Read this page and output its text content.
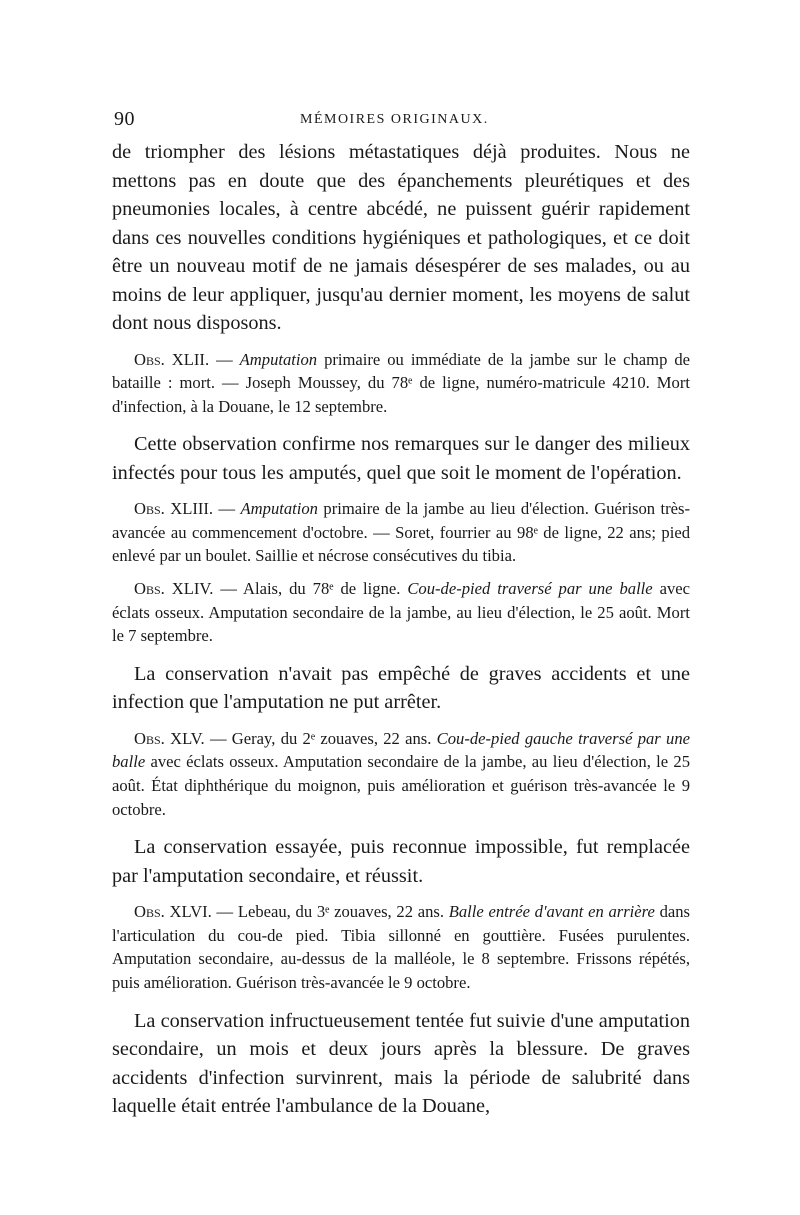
90	MÉMOIRES ORIGINAUX.

de triompher des lésions métastatiques déjà produites. Nous ne mettons pas en doute que des épanchements pleurétiques et des pneumonies locales, à centre abcédé, ne puissent guérir rapidement dans ces nouvelles conditions hygiéniques et pathologiques, et ce doit être un nouveau motif de ne jamais désespérer de ses malades, ou au moins de leur appliquer, jusqu'au dernier moment, les moyens de salut dont nous disposons.

Obs. XLII. — Amputation primaire ou immédiate de la jambe sur le champ de bataille : mort. — Joseph Moussey, du 78ᵉ de ligne, numéro-matricule 4210. Mort d'infection, à la Douane, le 12 septembre.

Cette observation confirme nos remarques sur le danger des milieux infectés pour tous les amputés, quel que soit le moment de l'opération.

Obs. XLIII. — Amputation primaire de la jambe au lieu d'élection. Guérison très-avancée au commencement d'octobre. — Soret, fourrier au 98ᵉ de ligne, 22 ans; pied enlevé par un boulet. Saillie et nécrose consécutives du tibia.

Obs. XLIV. — Alais, du 78ᵉ de ligne. Cou-de-pied traversé par une balle avec éclats osseux. Amputation secondaire de la jambe, au lieu d'élection, le 25 août. Mort le 7 septembre.

La conservation n'avait pas empêché de graves accidents et une infection que l'amputation ne put arrêter.

Obs. XLV. — Geray, du 2ᵉ zouaves, 22 ans. Cou-de-pied gauche traversé par une balle avec éclats osseux. Amputation secondaire de la jambe, au lieu d'élection, le 25 août. État diphthérique du moignon, puis amélioration et guérison très-avancée le 9 octobre.

La conservation essayée, puis reconnue impossible, fut remplacée par l'amputation secondaire, et réussit.

Obs. XLVI. — Lebeau, du 3ᵉ zouaves, 22 ans. Balle entrée d'avant en arrière dans l'articulation du cou-de pied. Tibia sillonné en gouttière. Fusées purulentes. Amputation secondaire, au-dessus de la malléole, le 8 septembre. Frissons répétés, puis amélioration. Guérison très-avancée le 9 octobre.

La conservation infructueusement tentée fut suivie d'une amputation secondaire, un mois et deux jours après la blessure. De graves accidents d'infection survinrent, mais la période de salubrité dans laquelle était entrée l'ambulance de la Douane,
